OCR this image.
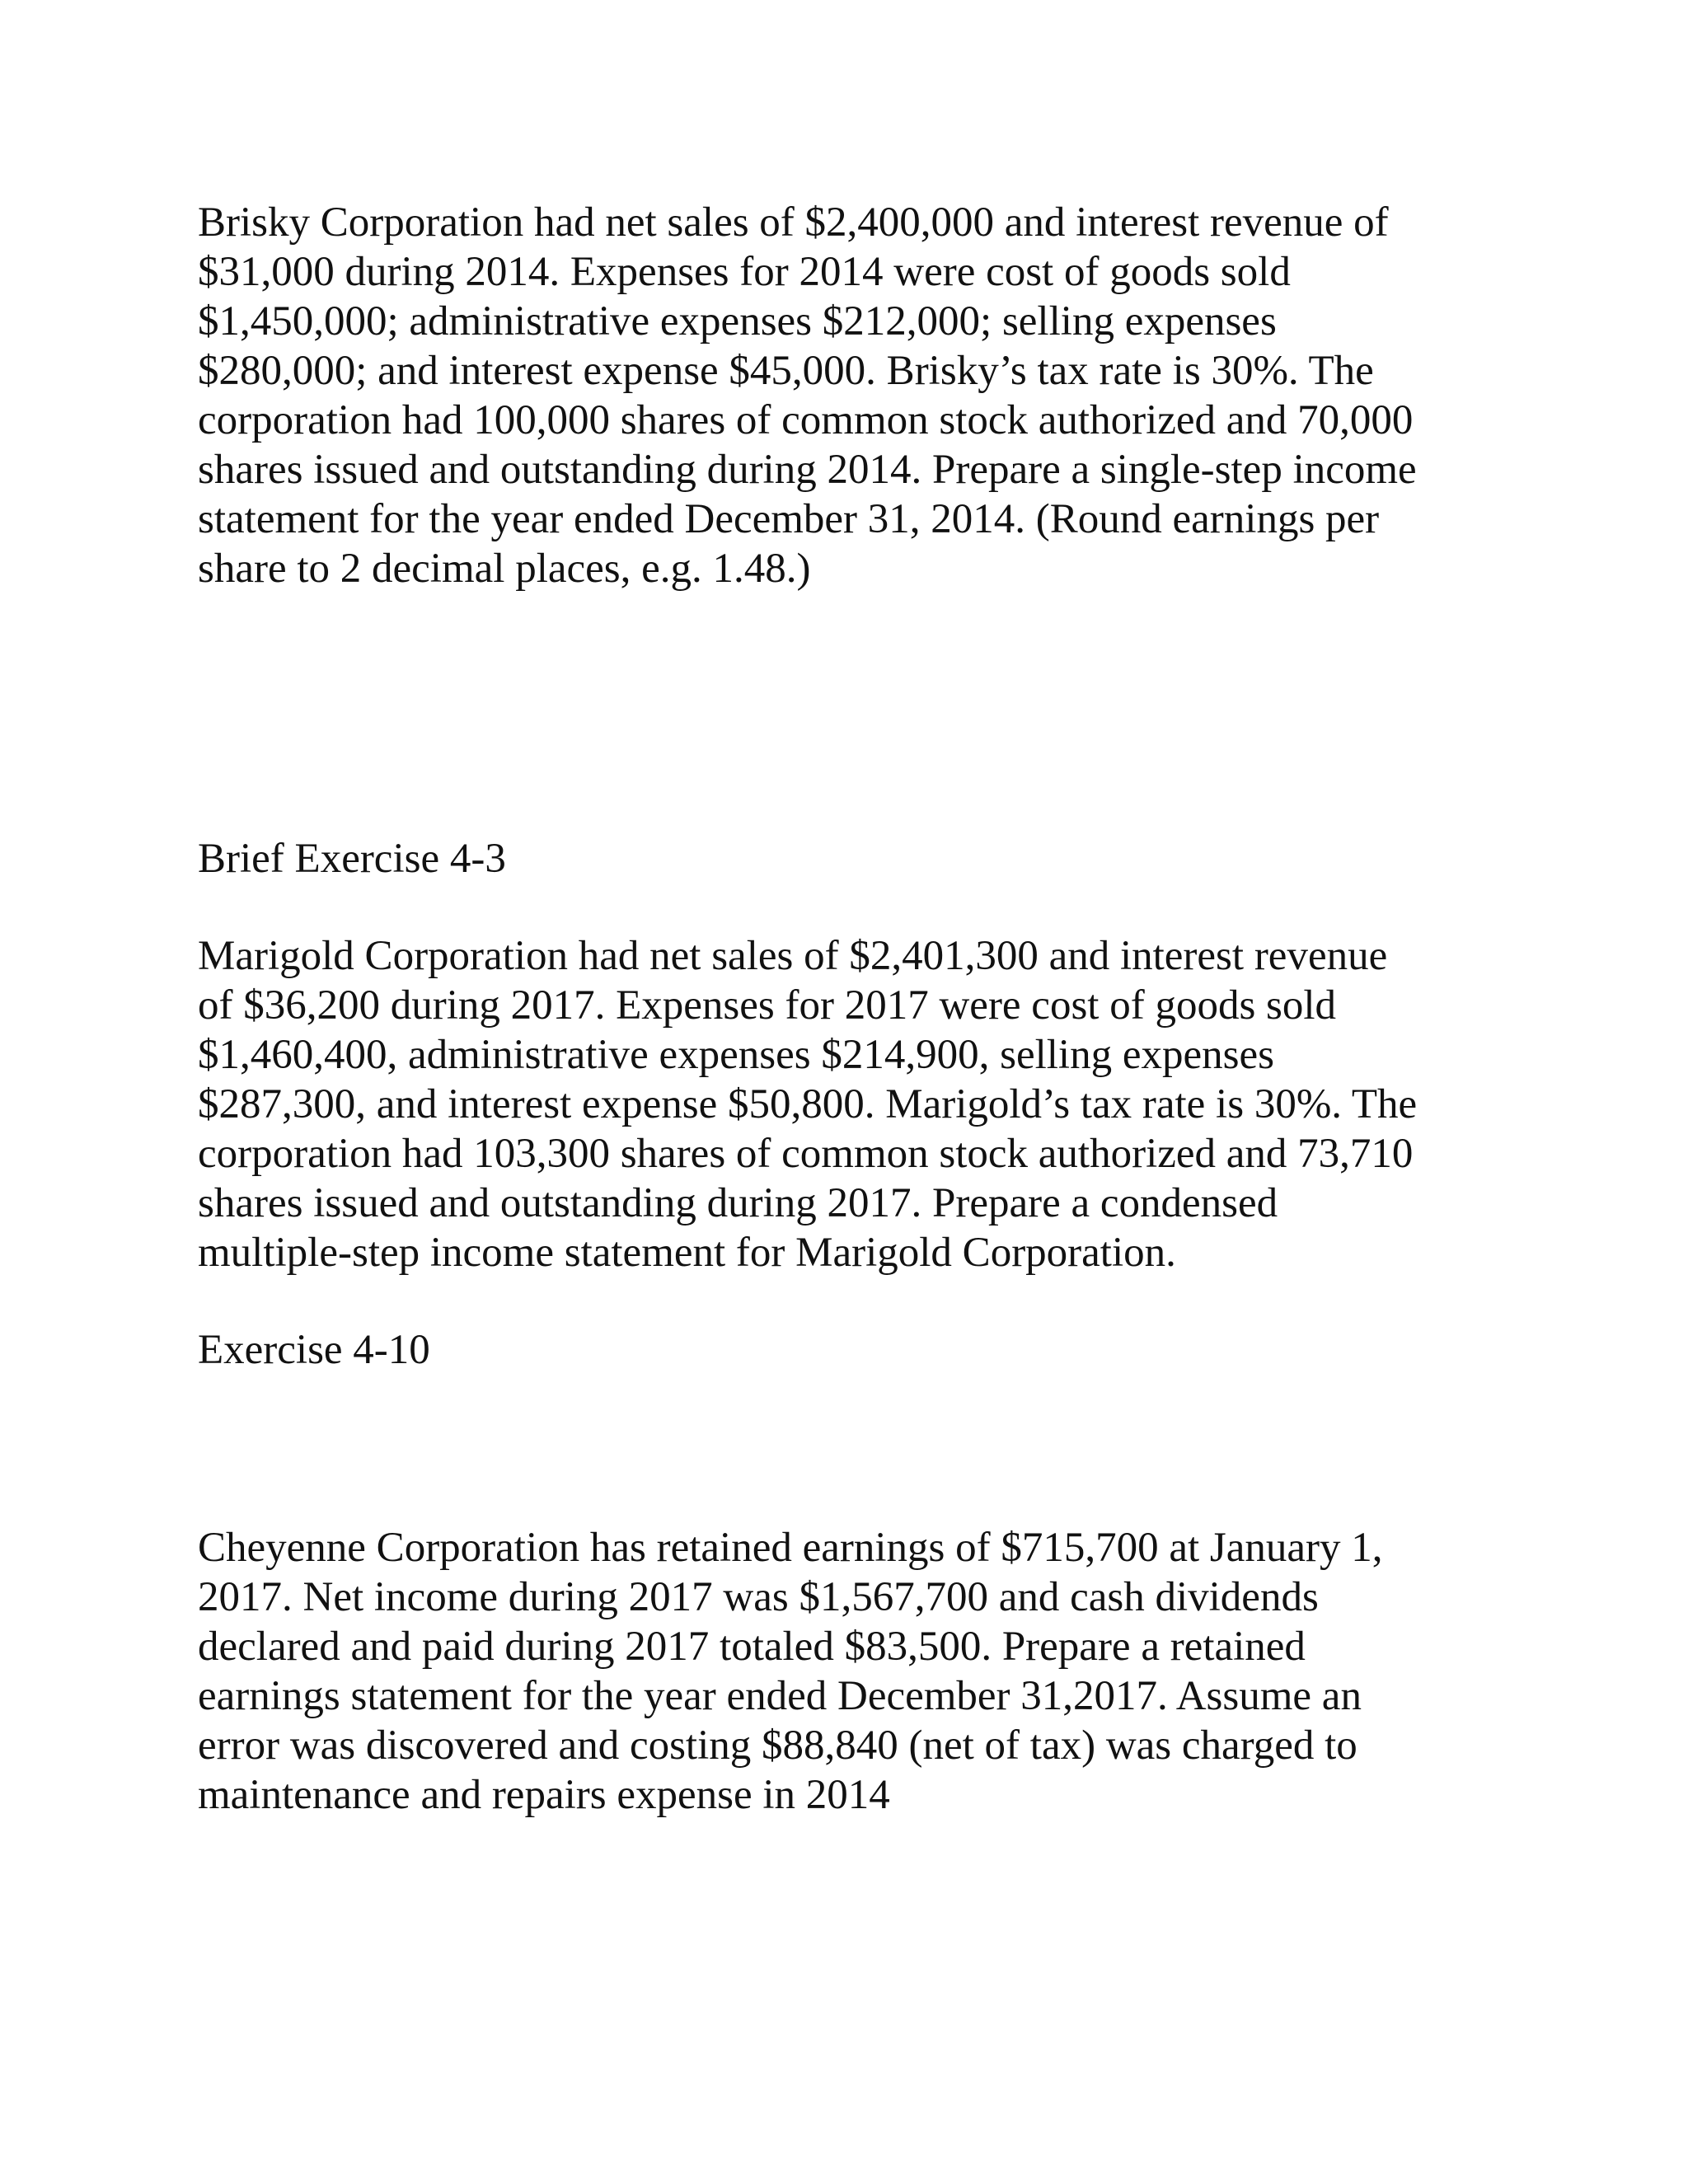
Brisky Corporation had net sales of $2,400,000 and interest revenue of
$31,000 during 2014. Expenses for 2014 were cost of goods sold
$1,450,000; administrative expenses $212,000; selling expenses
$280,000; and interest expense $45,000. Brisky’s tax rate is 30%. The
corporation had 100,000 shares of common stock authorized and 70,000
shares issued and outstanding during 2014. Prepare a single-step income
statement for the year ended December 31, 2014. (Round earnings per
share to 2 decimal places, e.g. 1.48.)

Brief Exercise 4-3

Marigold Corporation had net sales of $2,401,300 and interest revenue
of $36,200 during 2017. Expenses for 2017 were cost of goods sold
$1,460,400, administrative expenses $214,900, selling expenses
$287,300, and interest expense $50,800. Marigold’s tax rate is 30%. The
corporation had 103,300 shares of common stock authorized and 73,710
shares issued and outstanding during 2017. Prepare a condensed
multiple-step income statement for Marigold Corporation.

Exercise 4-10

Cheyenne Corporation has retained earnings of $715,700 at January 1,
2017. Net income during 2017 was $1,567,700 and cash dividends
declared and paid during 2017 totaled $83,500. Prepare a retained
earnings statement for the year ended December 31,2017. Assume an
error was discovered and costing $88,840 (net of tax) was charged to
maintenance and repairs expense in 2014
